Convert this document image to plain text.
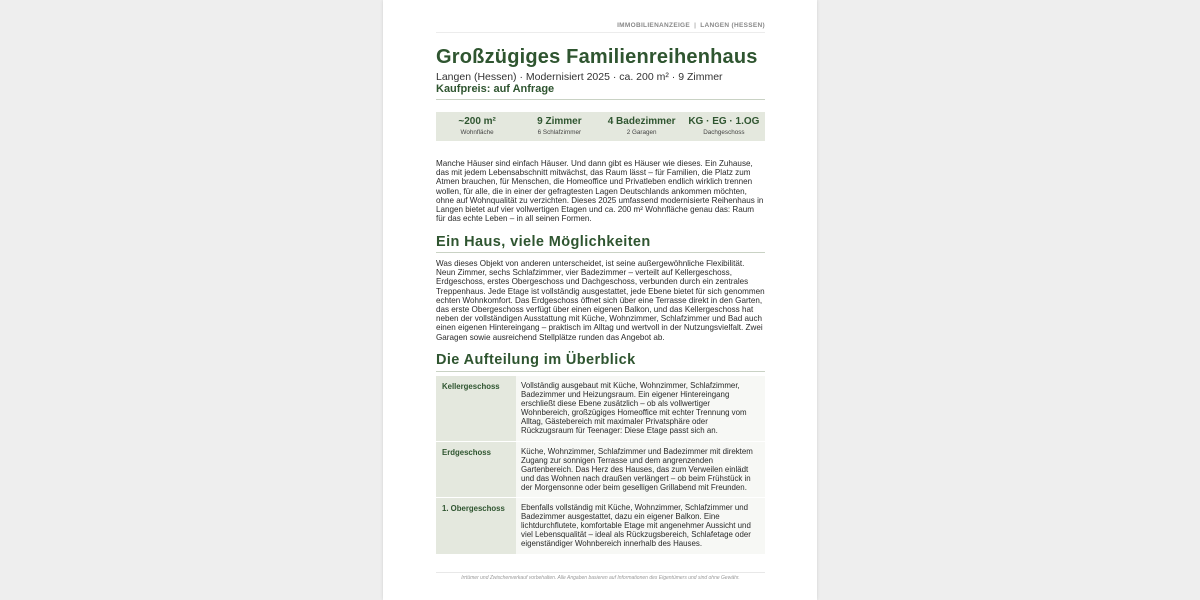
IMMOBILIENANZEIGE | LANGEN (HESSEN)
Großzügiges Familienreihenhaus
Langen (Hessen) · Modernisiert 2025 · ca. 200 m² · 9 Zimmer
Kaufpreis: auf Anfrage
~200 m²
Wohnfläche
9 Zimmer
6 Schlafzimmer
4 Badezimmer
2 Garagen
KG · EG · 1.OG
Dachgeschoss
Manche Häuser sind einfach Häuser. Und dann gibt es Häuser wie dieses. Ein Zuhause, das mit jedem Lebensabschnitt mitwächst, das Raum lässt – für Familien, die Platz zum Atmen brauchen, für Menschen, die Homeoffice und Privatleben endlich wirklich trennen wollen, für alle, die in einer der gefragtesten Lagen Deutschlands ankommen möchten, ohne auf Wohnqualität zu verzichten. Dieses 2025 umfassend modernisierte Reihenhaus in Langen bietet auf vier vollwertigen Etagen und ca. 200 m² Wohnfläche genau das: Raum für das echte Leben – in all seinen Formen.
Ein Haus, viele Möglichkeiten
Was dieses Objekt von anderen unterscheidet, ist seine außergewöhnliche Flexibilität. Neun Zimmer, sechs Schlafzimmer, vier Badezimmer – verteilt auf Kellergeschoss, Erdgeschoss, erstes Obergeschoss und Dachgeschoss, verbunden durch ein zentrales Treppenhaus. Jede Etage ist vollständig ausgestattet, jede Ebene bietet für sich genommen echten Wohnkomfort. Das Erdgeschoss öffnet sich über eine Terrasse direkt in den Garten, das erste Obergeschoss verfügt über einen eigenen Balkon, und das Kellergeschoss hat neben der vollständigen Ausstattung mit Küche, Wohnzimmer, Schlafzimmer und Bad auch einen eigenen Hintereingang – praktisch im Alltag und wertvoll in der Nutzungsvielfalt. Zwei Garagen sowie ausreichend Stellplätze runden das Angebot ab.
Die Aufteilung im Überblick
Kellergeschoss	Vollständig ausgebaut mit Küche, Wohnzimmer, Schlafzimmer, Badezimmer und Heizungsraum. Ein eigener Hintereingang erschließt diese Ebene zusätzlich – ob als vollwertiger Wohnbereich, großzügiges Homeoffice mit echter Trennung vom Alltag, Gästebereich mit maximaler Privatsphäre oder Rückzugsraum für Teenager: Diese Etage passt sich an.

Erdgeschoss	Küche, Wohnzimmer, Schlafzimmer und Badezimmer mit direktem Zugang zur sonnigen Terrasse und dem angrenzenden Gartenbereich. Das Herz des Hauses, das zum Verweilen einlädt und das Wohnen nach draußen verlängert – ob beim Frühstück in der Morgensonne oder beim geselligen Grillabend mit Freunden.

1. Obergeschoss	Ebenfalls vollständig mit Küche, Wohnzimmer, Schlafzimmer und Badezimmer ausgestattet, dazu ein eigener Balkon. Eine lichtdurchflutete, komfortable Etage mit angenehmer Aussicht und viel Lebensqualität – ideal als Rückzugsbereich, Schlafetage oder eigenständiger Wohnbereich innerhalb des Hauses.
Irrtümer und Zwischenverkauf vorbehalten. Alle Angaben basieren auf Informationen des Eigentümers und sind ohne Gewähr.
